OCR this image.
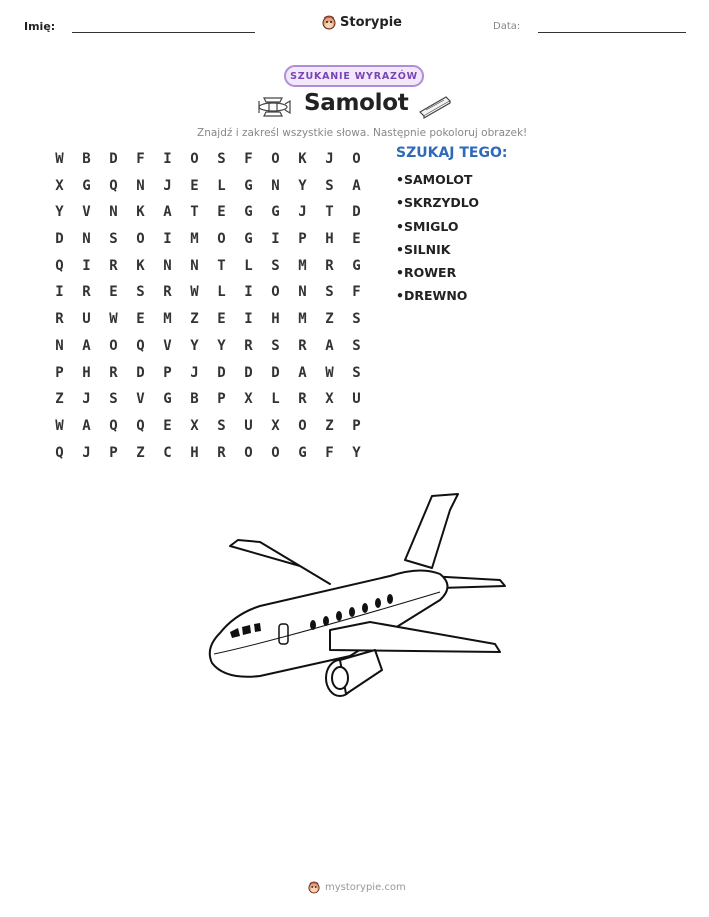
Imię:	Storypie	Data:
SZUKANIE WYRAZÓW
Samolot
Znajdź i zakreśl wszystkie słowa. Następnie pokoloruj obrazek!
W	B	D	F	I	O	S	F	O	K	J	O
X	G	Q	N	J	E	L	G	N	Y	S	A
Y	V	N	K	A	T	E	G	G	J	T	D
D	N	S	O	I	M	O	G	I	P	H	E
Q	I	R	K	N	N	T	L	S	M	R	G
I	R	E	S	R	W	L	I	O	N	S	F
R	U	W	E	M	Z	E	I	H	M	Z	S
N	A	O	Q	V	Y	Y	R	S	R	A	S
P	H	R	D	P	J	D	D	D	A	W	S
Z	J	S	V	G	B	P	X	L	R	X	U
W	A	Q	Q	E	X	S	U	X	O	Z	P
Q	J	P	Z	C	H	R	O	O	G	F	Y
SZUKAJ TEGO:
• SAMOLOT
• SKRZYDLO
• SMIGLO
• SILNIK
• ROWER
• DREWNO
mystorypie.com
